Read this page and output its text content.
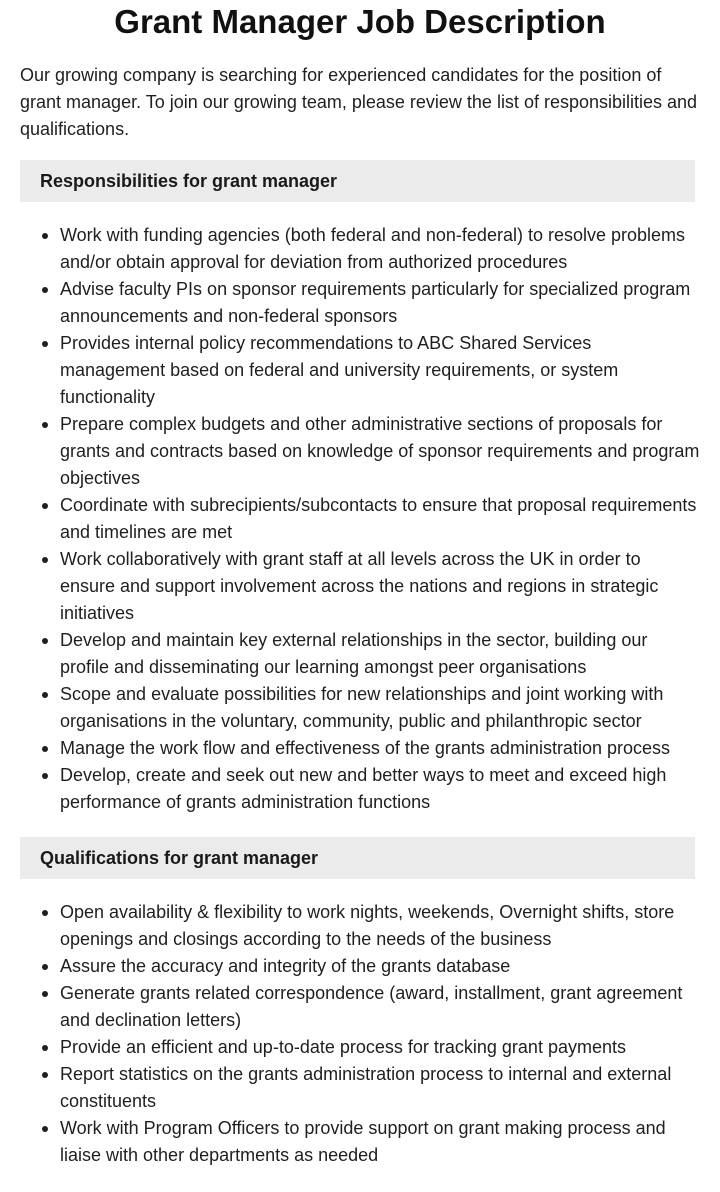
Grant Manager Job Description

Our growing company is searching for experienced candidates for the position of grant manager. To join our growing team, please review the list of responsibilities and qualifications.

Responsibilities for grant manager
Work with funding agencies (both federal and non-federal) to resolve problems and/or obtain approval for deviation from authorized procedures
Advise faculty PIs on sponsor requirements particularly for specialized program announcements and non-federal sponsors
Provides internal policy recommendations to ABC Shared Services management based on federal and university requirements, or system functionality
Prepare complex budgets and other administrative sections of proposals for grants and contracts based on knowledge of sponsor requirements and program objectives
Coordinate with subrecipients/subcontacts to ensure that proposal requirements and timelines are met
Work collaboratively with grant staff at all levels across the UK in order to ensure and support involvement across the nations and regions in strategic initiatives
Develop and maintain key external relationships in the sector, building our profile and disseminating our learning amongst peer organisations
Scope and evaluate possibilities for new relationships and joint working with organisations in the voluntary, community, public and philanthropic sector
Manage the work flow and effectiveness of the grants administration process
Develop, create and seek out new and better ways to meet and exceed high performance of grants administration functions
Qualifications for grant manager
Open availability & flexibility to work nights, weekends, Overnight shifts, store openings and closings according to the needs of the business
Assure the accuracy and integrity of the grants database
Generate grants related correspondence (award, installment, grant agreement and declination letters)
Provide an efficient and up-to-date process for tracking grant payments
Report statistics on the grants administration process to internal and external constituents
Work with Program Officers to provide support on grant making process and liaise with other departments as needed
